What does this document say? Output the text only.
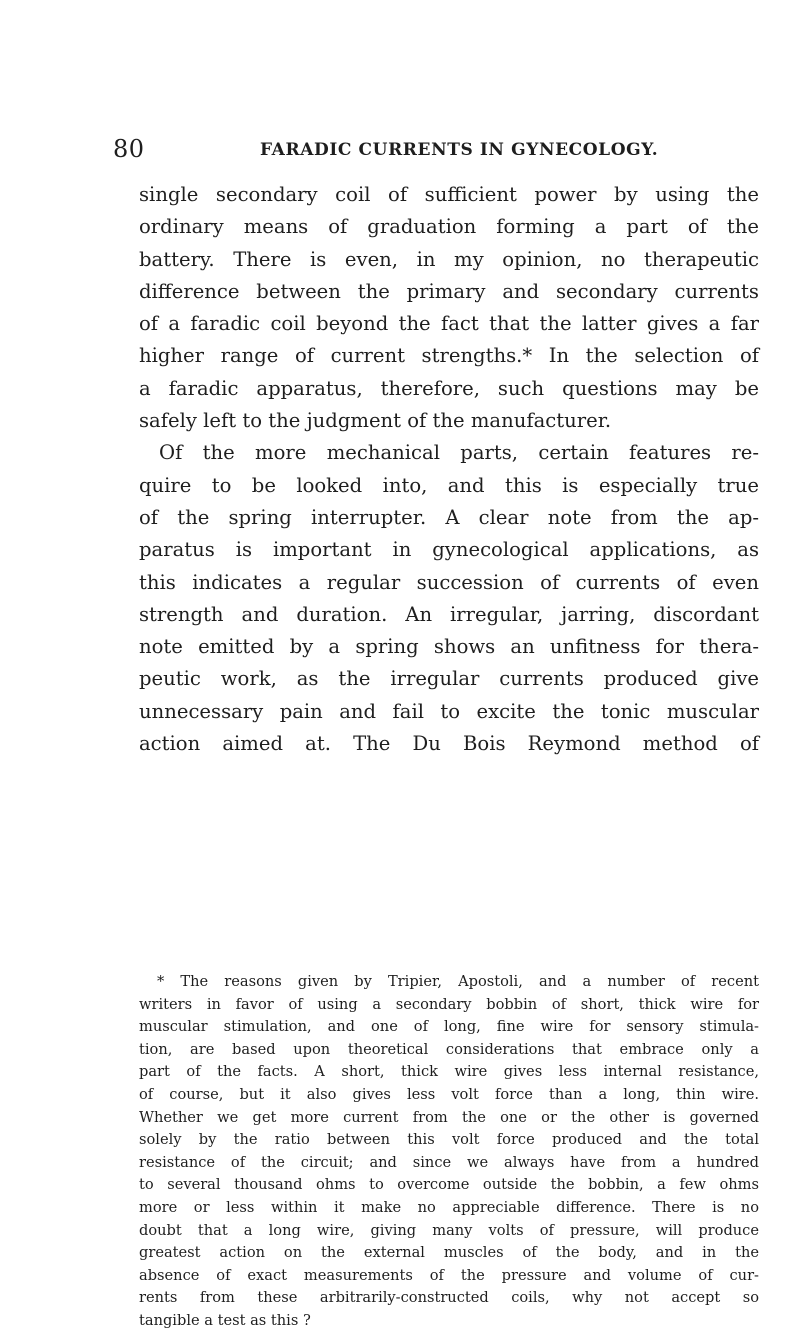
80	FARADIC CURRENTS IN GYNECOLOGY.

single secondary coil of sufficient power by using the

ordinary means of graduation forming a part of the

battery. There is even, in my opinion, no therapeutic

difference between the primary and secondary currents

of a faradic coil beyond the fact that the latter gives a far

higher range of current strengths.* In the selection of

a faradic apparatus, therefore, such questions may be

safely left to the judgment of the manufacturer.

Of the more mechanical parts, certain features re-

quire to be looked into, and this is especially true

of the spring interrupter. A clear note from the ap-

paratus is important in gynecological applications, as

this indicates a regular succession of currents of even

strength and duration. An irregular, jarring, discordant

note emitted by a spring shows an unfitness for thera-

peutic work, as the irregular currents produced give

unnecessary pain and fail to excite the tonic muscular

action aimed at. The Du Bois Reymond method of

* The reasons given by Tripier, Apostoli, and a number of recent

writers in favor of using a secondary bobbin of short, thick wire for

muscular stimulation, and one of long, fine wire for sensory stimula-

tion, are based upon theoretical considerations that embrace only a

part of the facts. A short, thick wire gives less internal resistance,

of course, but it also gives less volt force than a long, thin wire.

Whether we get more current from the one or the other is governed

solely by the ratio between this volt force produced and the total

resistance of the circuit; and since we always have from a hundred

to several thousand ohms to overcome outside the bobbin, a few ohms

more or less within it make no appreciable difference. There is no

doubt that a long wire, giving many volts of pressure, will produce

greatest action on the external muscles of the body, and in the

absence of exact measurements of the pressure and volume of cur-

rents from these arbitrarily-constructed coils, why not accept so

tangible a test as this ?
